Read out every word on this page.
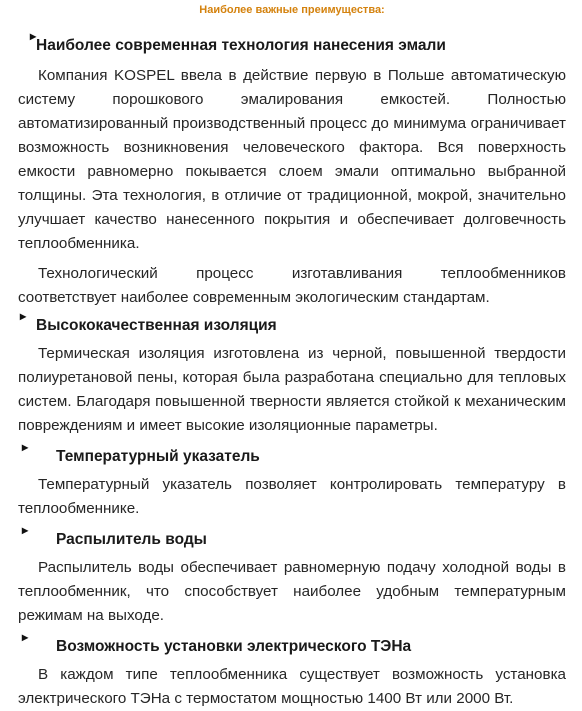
Наиболее важные преимущества:
▸
Наиболее современная технология нанесения эмали

Компания KOSPEL ввела в действие первую в Польше автоматическую систему порошкового эмалирования емкостей. Полностью автоматизированный производственный процесс до минимума ограничивает возможность возникновения человеческого фактора. Вся поверхность емкости равномерно покывается слоем эмали оптимально выбранной толщины. Эта технология, в отличие от традиционной, мокрой, значительно улучшает качество нанесенного покрытия и обеспечивает долговечность теплообменника.

Технологический процесс изготавливания теплообменников соответствует наиболее современным экологическим стандартам.

▸
Высококачественная изоляция

Термическая изоляция изготовлена из черной, повышенной твердости полиуретановой пены, которая была разработана специально для тепловых систем. Благодаря повышенной тверности является стойкой к механическим повреждениям и имеет высокие изоляционные параметры.

▸
Температурный указатель

Температурный указатель позволяет контролировать температуру в теплообменнике.

▸
Распылитель воды

Распылитель воды обеспечивает равномерную подачу холодной воды в теплообменник, что способствует наиболее удобным температурным режимам на выходе.

▸
Возможность установки электрического ТЭНа

В каждом типе теплообменника существует возможность установка электрического ТЭНа с термостатом мощностью 1400 Вт или 2000 Вт.
